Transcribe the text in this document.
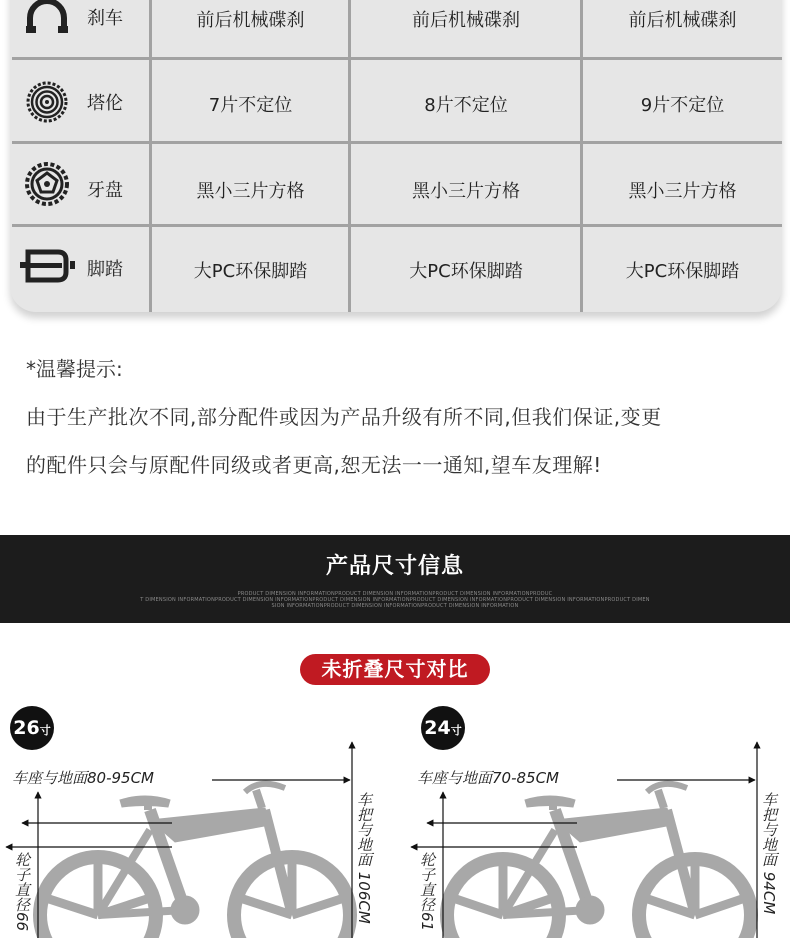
刹车	前后机械碟刹	前后机械碟刹	前后机械碟刹
塔伦	7片不定位	8片不定位	9片不定位
牙盘	黑小三片方格	黑小三片方格	黑小三片方格
脚踏	大PC环保脚踏	大PC环保脚踏	大PC环保脚踏
*温馨提示:
由于生产批次不同,部分配件或因为产品升级有所不同,但我们保证,变更
的配件只会与原配件同级或者更高,恕无法一一通知,望车友理解!
产品尺寸信息
PRODUCT DIMENSION INFORMATIONPRODUCT DIMENSION INFORMATIONPRODUCT DIMENSION INFORMATIONPRODUC
T DIMENSION INFORMATIONPRODUCT DIMENSION INFORMATIONPRODUCT DIMENSION INFORMATIONPRODUCT DIMENSION INFORMATIONPRODUCT DIMENSION INFORMATIONPRODUCT DIMEN
SION INFORMATIONPRODUCT DIMENSION INFORMATIONPRODUCT DIMENSION INFORMATION
未折叠尺寸对比
26 寸
车座与地面80-95CM
车把与地面 106CM
轮子直径66
24 寸
车座与地面70-85CM
车把与地面 94CM
轮子直径61
